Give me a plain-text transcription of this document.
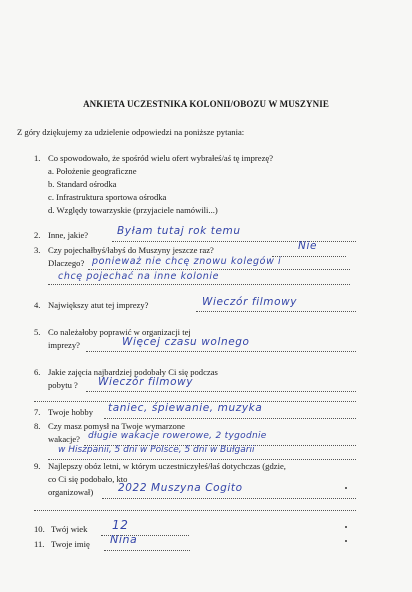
ANKIETA UCZESTNIKA KOLONII/OBOZU W MUSZYNIE
Z góry dziękujemy za udzielenie odpowiedzi na poniższe pytania:
1. Co spowodowało, że spośród wielu ofert wybrałeś/aś tę imprezę?
a. Położenie geograficzne
b. Standard ośrodka
c. Infrastruktura sportowa ośrodka
d. Względy towarzyskie (przyjaciele namówili...)
2. Inne, jakie?	Byłam tutaj rok temu
3. Czy pojechałbyś/łabyś do Muszyny jeszcze raz?	Nie
Dlaczego? ponieważ nie chcę znowu kolegów i
chcę pojechać na inne kolonie
4. Największy atut tej imprezy?	Wieczór filmowy
5. Co należałoby poprawić w organizacji tej
imprezy?	Więcej czasu wolnego
6. Jakie zajęcia najbardziej podobały Ci się podczas
pobytu ? Wieczór filmowy
7. Twoje hobby taniec, śpiewanie, muzyka
8. Czy masz pomysł na Twoje wymarzone
wakacje? długie wakacje rowerowe, 2 tygodnie
w Hiszpanii, 5 dni w Polsce, 5 dni w Bułgarii
9. Najlepszy obóz letni, w którym uczestniczyłeś/łaś dotychczas (gdzie,
co Ci się podobało, kto
organizował) 2022 Muszyna Cogito
10. Twój wiek 12
11. Twoje imię Nina
